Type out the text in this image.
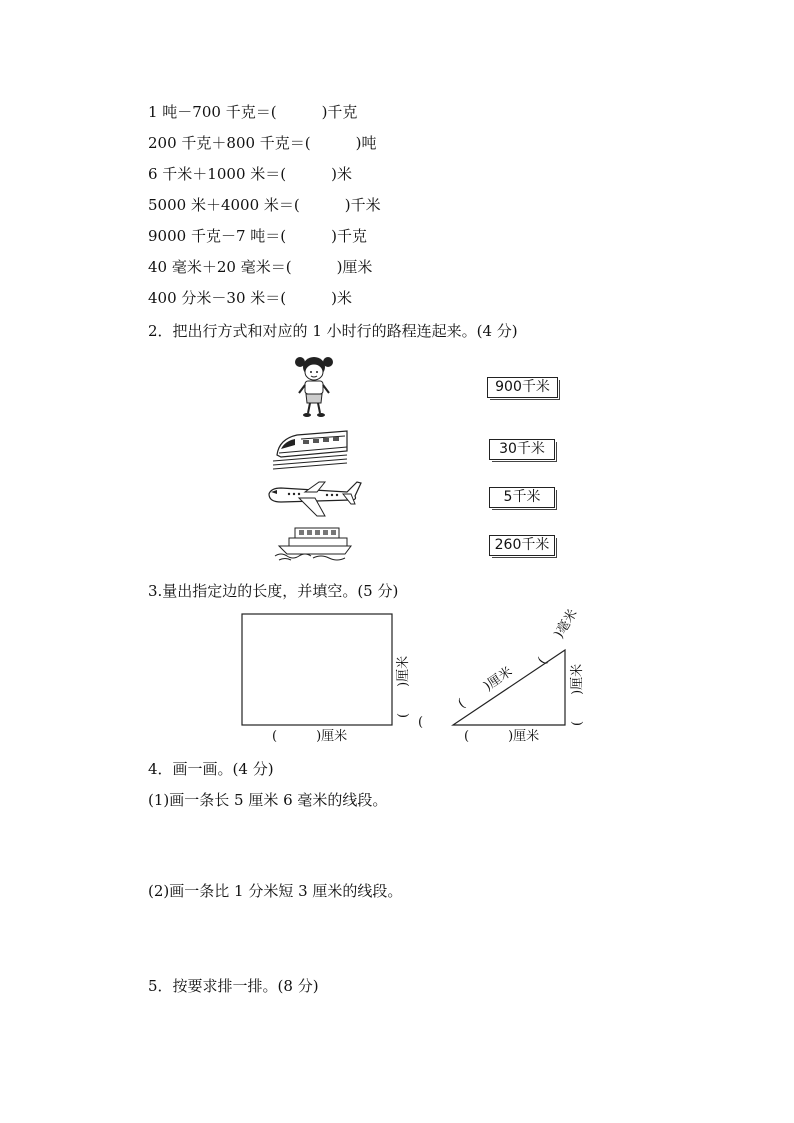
1 吨－700 千克＝(　　　)千克
200 千克＋800 千克＝(　　　)吨
6 千米＋1000 米＝(　　　)米
5000 米＋4000 米＝(　　　)千米
9000 千克－7 吨＝(　　　)千克
40 毫米＋20 毫米＝(　　　)厘米
400 分米－30 米＝(　　　)米
2．把出行方式和对应的 1 小时行的路程连起来。(4 分)
900千米
30千米
5千米
260千米
3.量出指定边的长度，并填空。(5 分)
(　　　)厘米
(　　)厘米
(　　　)厘米
(　　)厘米
(　　)厘米
(　　)毫米
(
4．画一画。(4 分)
(1)画一条长 5 厘米 6 毫米的线段。
(2)画一条比 1 分米短 3 厘米的线段。
5．按要求排一排。(8 分)
